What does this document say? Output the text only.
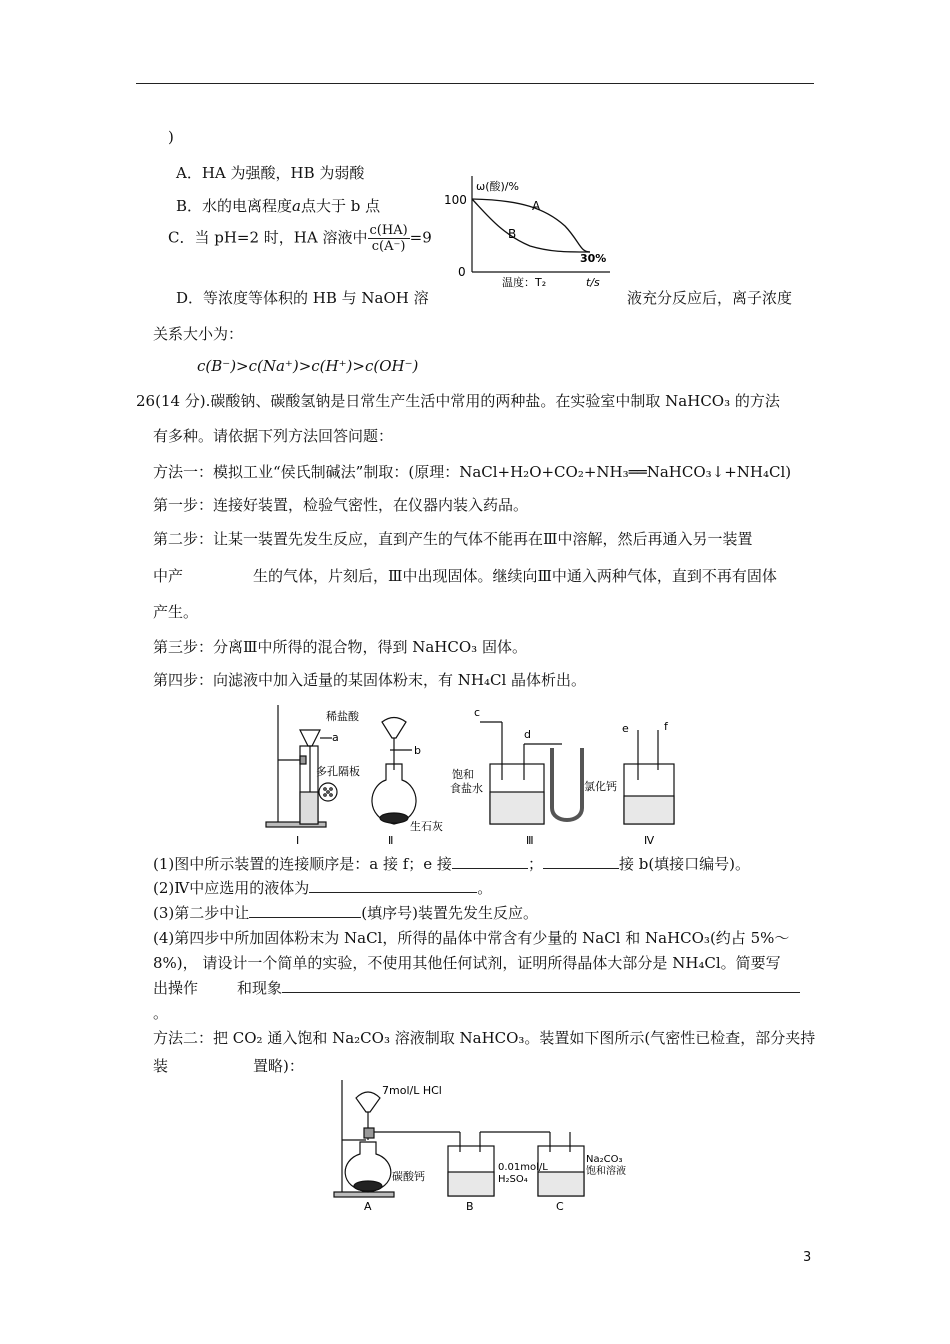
)
A．HA 为强酸，HB 为弱酸
B．水的电离程度a点大于 b 点
C．当 pH=2 时，HA 溶液中 $\frac{c(HA)}{c(A^-)} =9$
D．等浓度等体积的 HB 与 NaOH 溶	液充分反应后，离子浓度
关系大小为：
c(B⁻)>c(Na⁺)>c(H⁺)>c(OH⁻)
ω(酸)/%
100
0
A
B
30%
温度：T₂	t/s
26(14 分).碳酸钠、碳酸氢钠是日常生产生活中常用的两种盐。在实验室中制取 NaHCO₃ 的方法
有多种。请依据下列方法回答问题：
方法一：模拟工业“侯氏制碱法”制取：(原理：NaCl+H₂O+CO₂+NH₃══NaHCO₃↓+NH₄Cl)
第一步：连接好装置，检验气密性，在仪器内装入药品。
第二步：让某一装置先发生反应，直到产生的气体不能再在Ⅲ中溶解，然后再通入另一装置
中产	生的气体，片刻后，Ⅲ中出现固体。继续向Ⅲ中通入两种气体，直到不再有固体
产生。
第三步：分离Ⅲ中所得的混合物，得到 NaHCO₃ 固体。
第四步：向滤液中加入适量的某固体粉末，有 NH₄Cl 晶体析出。
稀盐酸
a
多孔隔板
b
生石灰
c
d
饱和
食盐水	氯化钙
e	f
Ⅰ	Ⅱ	Ⅲ	Ⅳ
(1)图中所示装置的连接顺序是：a 接 f；e 接	；	接 b(填接口编号)。
(2)Ⅳ中应选用的液体为	。
(3)第二步中让	(填序号)装置先发生反应。
(4)第四步中所加固体粉末为 NaCl，所得的晶体中常含有少量的 NaCl 和 NaHCO₃(约占 5%～
8%)， 请设计一个简单的实验，不使用其他任何试剂，证明所得晶体大部分是 NH₄Cl。简要写
出操作	和现象
。
方法二：把 CO₂ 通入饱和 Na₂CO₃ 溶液制取 NaHCO₃。装置如下图所示(气密性已检查，部分夹持
装	置略)：
7mol/L HCl
碳酸钙
0.01mol/L
H₂SO₄
Na₂CO₃
饱和溶液
A	B	C
3
